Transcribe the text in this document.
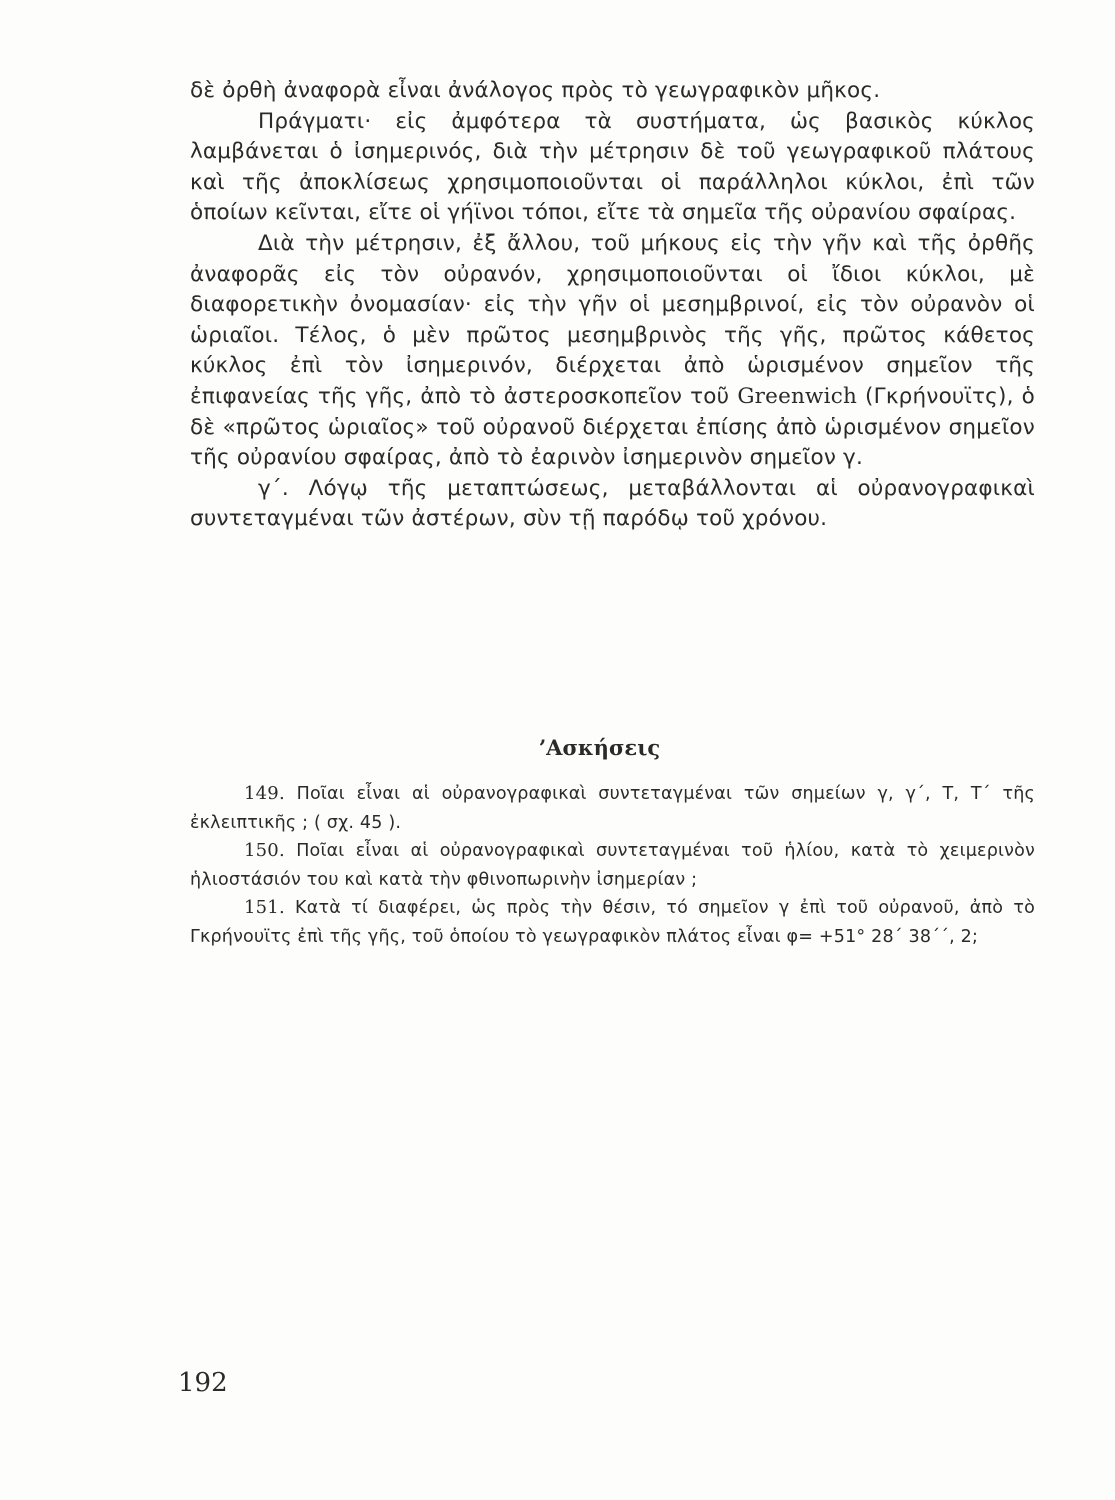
δὲ ὀρθὴ ἀναφορὰ εἶναι ἀνάλογος πρὸς τὸ γεωγραφικὸν μῆκος.

Πράγματι· εἰς ἀμφότερα τὰ συστήματα, ὡς βασικὸς κύκλος λαμβάνεται ὁ ἰσημερινός, διὰ τὴν μέτρησιν δὲ τοῦ γεωγραφικοῦ πλάτους καὶ τῆς ἀποκλίσεως χρησιμοποιοῦνται οἱ παράλληλοι κύκλοι, ἐπὶ τῶν ὁποίων κεῖνται, εἴτε οἱ γήϊνοι τόποι, εἴτε τὰ σημεῖα τῆς οὐρανίου σφαίρας.

Διὰ τὴν μέτρησιν, ἐξ ἄλλου, τοῦ μήκους εἰς τὴν γῆν καὶ τῆς ὀρθῆς ἀναφορᾶς εἰς τὸν οὐρανόν, χρησιμοποιοῦνται οἱ ἴδιοι κύκλοι, μὲ διαφορετικὴν ὀνομασίαν· εἰς τὴν γῆν οἱ μεσημβρινοί, εἰς τὸν οὐρανὸν οἱ ὡριαῖοι. Τέλος, ὁ μὲν πρῶτος μεσημβρινὸς τῆς γῆς, πρῶτος κάθετος κύκλος ἐπὶ τὸν ἰσημερινόν, διέρχεται ἀπὸ ὡρισμένον σημεῖον τῆς ἐπιφανείας τῆς γῆς, ἀπὸ τὸ ἀστεροσκοπεῖον τοῦ Greenwich (Γκρήνουϊτς), ὁ δὲ «πρῶτος ὡριαῖος» τοῦ οὐρανοῦ διέρχεται ἐπίσης ἀπὸ ὡρισμένον σημεῖον τῆς οὐρανίου σφαίρας, ἀπὸ τὸ ἐαρινὸν ἰσημερινὸν σημεῖον γ.

γ΄. Λόγῳ τῆς μεταπτώσεως, μεταβάλλονται αἱ οὐρανογραφικαὶ συντεταγμέναι τῶν ἀστέρων, σὺν τῇ παρόδῳ τοῦ χρόνου.

’Ασκήσεις

149. Ποῖαι εἶναι αἱ οὐρανογραφικαὶ συντεταγμέναι τῶν σημείων γ, γ΄, Τ, Τ΄ τῆς ἐκλειπτικῆς ; ( σχ. 45 ).

150. Ποῖαι εἶναι αἱ οὐρανογραφικαὶ συντεταγμέναι τοῦ ἡλίου, κατὰ τὸ χειμερινὸν ἡλιοστάσιόν του καὶ κατὰ τὴν φθινοπωρινὴν ἰσημερίαν ;

151. Κατὰ τί διαφέρει, ὡς πρὸς τὴν θέσιν, τό σημεῖον γ ἐπὶ τοῦ οὐρανοῦ, ἀπὸ τὸ Γκρήνουϊτς ἐπὶ τῆς γῆς, τοῦ ὁποίου τὸ γεωγραφικὸν πλάτος εἶναι φ= +51° 28΄ 38΄΄, 2;

192
